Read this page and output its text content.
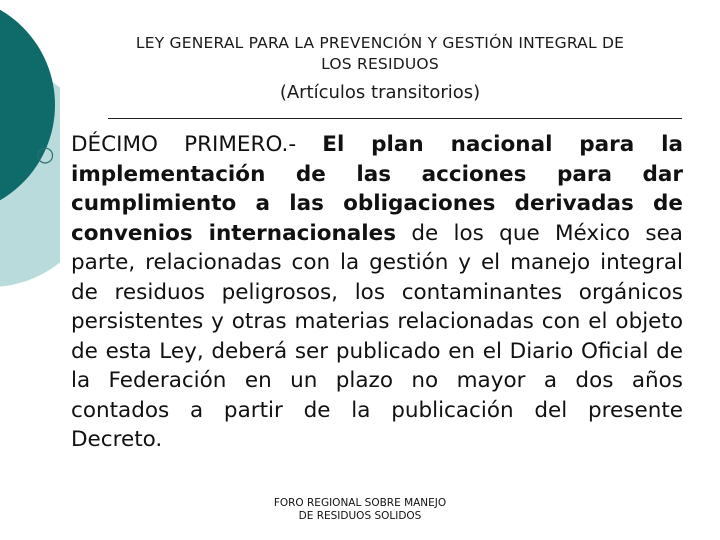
LEY GENERAL PARA LA PREVENCIÓN Y GESTIÓN INTEGRAL DE
LOS RESIDUOS
(Artículos transitorios)
○ DÉCIMO PRIMERO.- El plan nacional para la implementación de las acciones para dar cumplimiento a las obligaciones derivadas de convenios internacionales de los que México sea parte, relacionadas con la gestión y el manejo integral de residuos peligrosos, los contaminantes orgánicos persistentes y otras materias relacionadas con el objeto de esta Ley, deberá ser publicado en el Diario Oficial de la Federación en un plazo no mayor a dos años contados a partir de la publicación del presente Decreto.
FORO REGIONAL SOBRE MANEJO
DE RESIDUOS SOLIDOS
